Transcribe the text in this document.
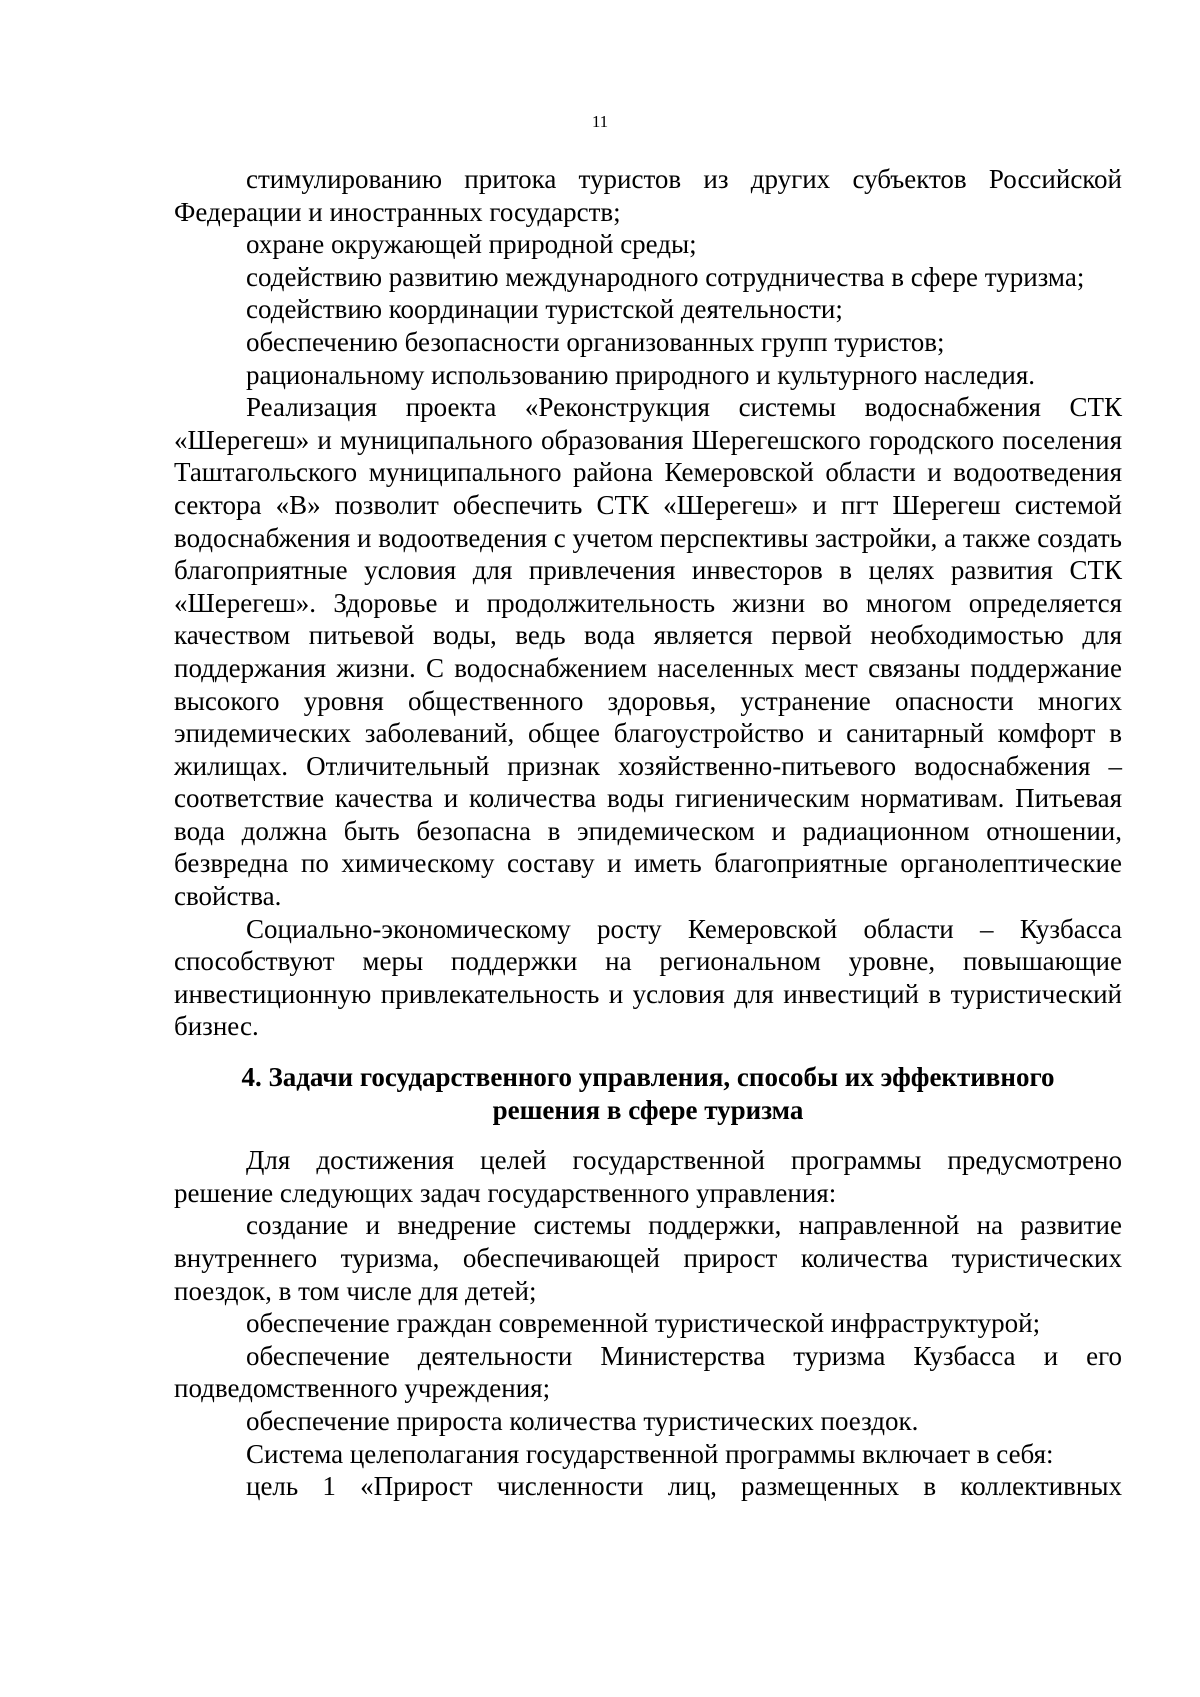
11

стимулированию притока туристов из других субъектов Российской Федерации и иностранных государств;

охране окружающей природной среды;

содействию развитию международного сотрудничества в сфере туризма;

содействию координации туристской деятельности;

обеспечению безопасности организованных групп туристов;

рациональному использованию природного и культурного наследия.

Реализация проекта «Реконструкция системы водоснабжения СТК «Шерегеш» и муниципального образования Шерегешского городского поселения Таштагольского муниципального района Кемеровской области и водоотведения сектора «В» позволит обеспечить СТК «Шерегеш» и пгт Шерегеш системой водоснабжения и водоотведения с учетом перспективы застройки, а также создать благоприятные условия для привлечения инвесторов в целях развития СТК «Шерегеш». Здоровье и продолжительность жизни во многом определяется качеством питьевой воды, ведь вода является первой необходимостью для поддержания жизни. С водоснабжением населенных мест связаны поддержание высокого уровня общественного здоровья, устранение опасности многих эпидемических заболеваний, общее благоустройство и санитарный комфорт в жилищах. Отличительный признак хозяйственно-питьевого водоснабжения – соответствие качества и количества воды гигиеническим нормативам. Питьевая вода должна быть безопасна в эпидемическом и радиационном отношении, безвредна по химическому составу и иметь благоприятные органолептические свойства.

Социально-экономическому росту Кемеровской области – Кузбасса способствуют меры поддержки на региональном уровне, повышающие инвестиционную привлекательность и условия для инвестиций в туристический бизнес.

4. Задачи государственного управления, способы их эффективного
решения в сфере туризма

Для достижения целей государственной программы предусмотрено решение следующих задач государственного управления:

создание и внедрение системы поддержки, направленной на развитие внутреннего туризма, обеспечивающей прирост количества туристических поездок, в том числе для детей;

обеспечение граждан современной туристической инфраструктурой;

обеспечение деятельности Министерства туризма Кузбасса и его подведомственного учреждения;

обеспечение прироста количества туристических поездок.

Система целеполагания государственной программы включает в себя:

цель 1 «Прирост численности лиц, размещенных в коллективных
